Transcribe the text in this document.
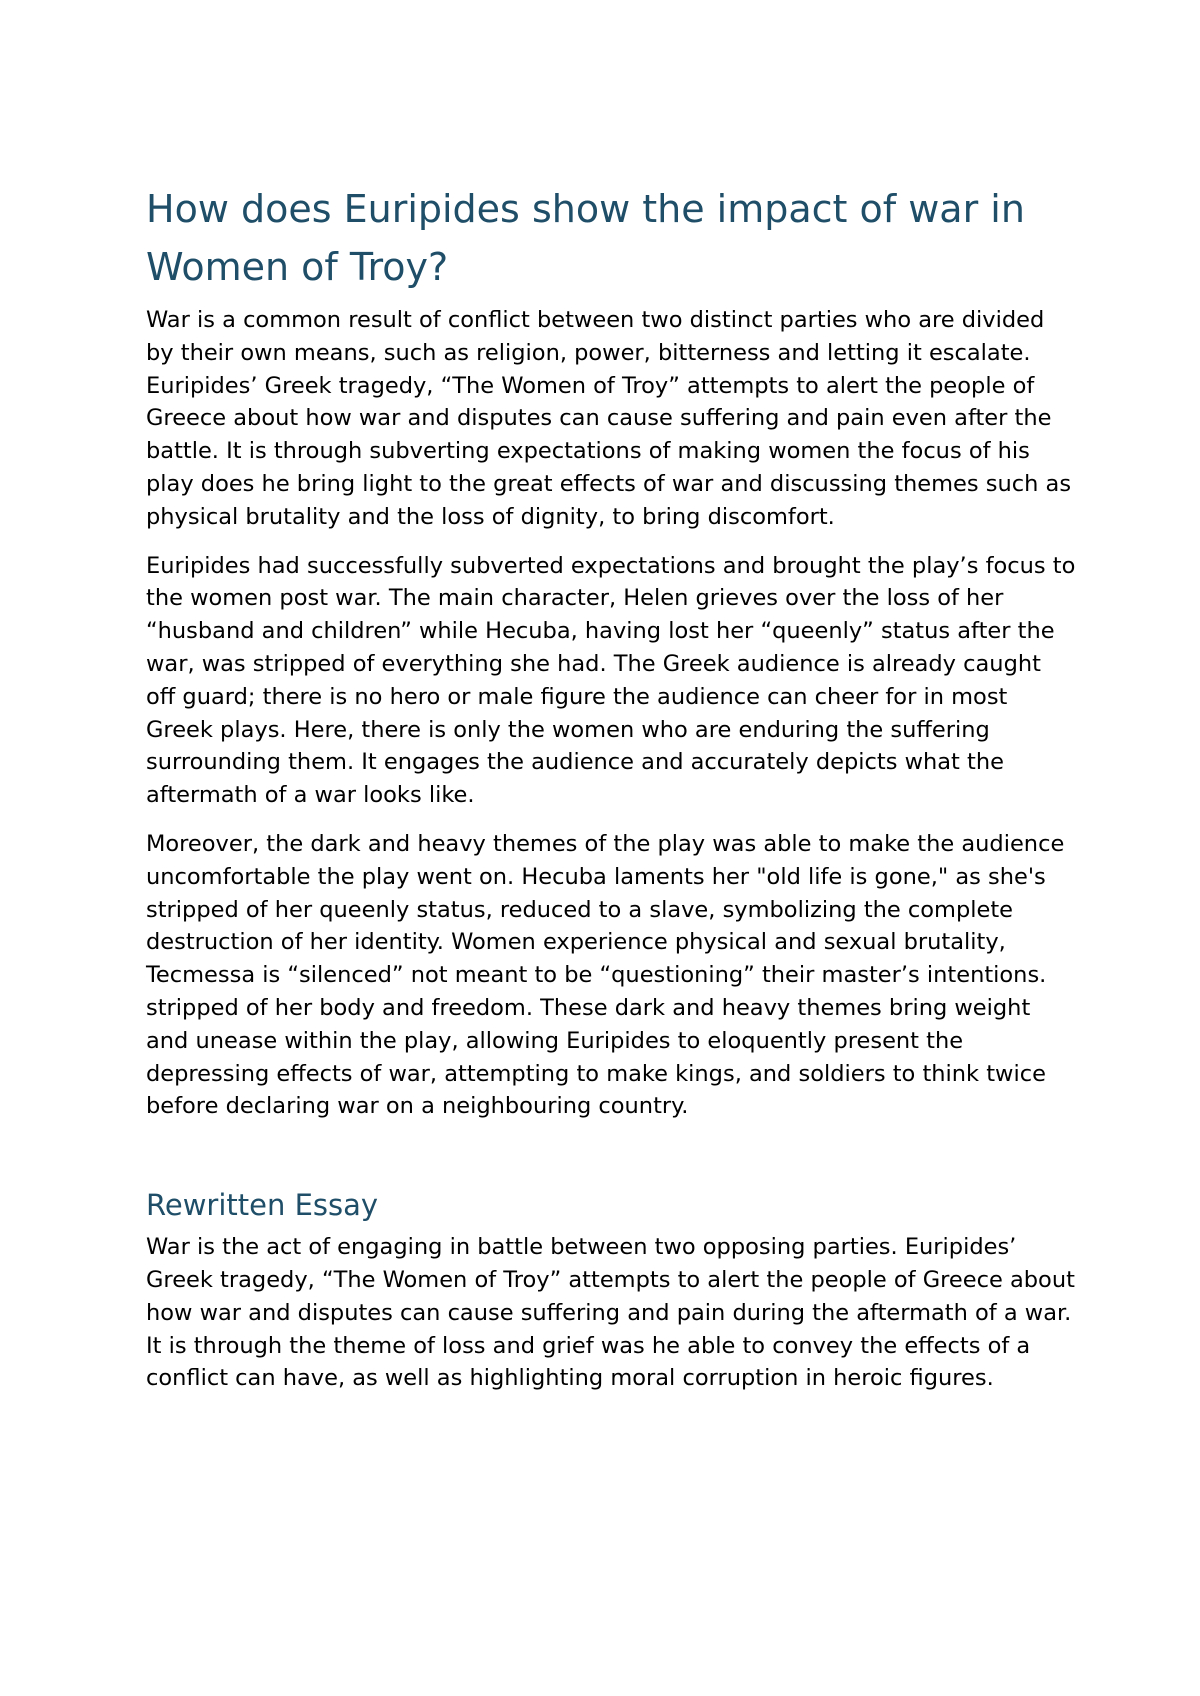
How does Euripides show the impact of war in Women of Troy?

War is a common result of conflict between two distinct parties who are divided by their own means, such as religion, power, bitterness and letting it escalate. Euripides’ Greek tragedy, “The Women of Troy” attempts to alert the people of Greece about how war and disputes can cause suffering and pain even after the battle. It is through subverting expectations of making women the focus of his play does he bring light to the great effects of war and discussing themes such as physical brutality and the loss of dignity, to bring discomfort.

Euripides had successfully subverted expectations and brought the play’s focus to the women post war. The main character, Helen grieves over the loss of her “husband and children” while Hecuba, having lost her “queenly” status after the war, was stripped of everything she had. The Greek audience is already caught off guard; there is no hero or male figure the audience can cheer for in most Greek plays. Here, there is only the women who are enduring the suffering surrounding them. It engages the audience and accurately depicts what the aftermath of a war looks like.

Moreover, the dark and heavy themes of the play was able to make the audience uncomfortable the play went on. Hecuba laments her "old life is gone," as she's stripped of her queenly status, reduced to a slave, symbolizing the complete destruction of her identity. Women experience physical and sexual brutality, Tecmessa is “silenced” not meant to be “questioning” their master’s intentions. stripped of her body and freedom. These dark and heavy themes bring weight and unease within the play, allowing Euripides to eloquently present the depressing effects of war, attempting to make kings, and soldiers to think twice before declaring war on a neighbouring country.

Rewritten Essay

War is the act of engaging in battle between two opposing parties. Euripides’ Greek tragedy, “The Women of Troy” attempts to alert the people of Greece about how war and disputes can cause suffering and pain during the aftermath of a war. It is through the theme of loss and grief was he able to convey the effects of a conflict can have, as well as highlighting moral corruption in heroic figures.
